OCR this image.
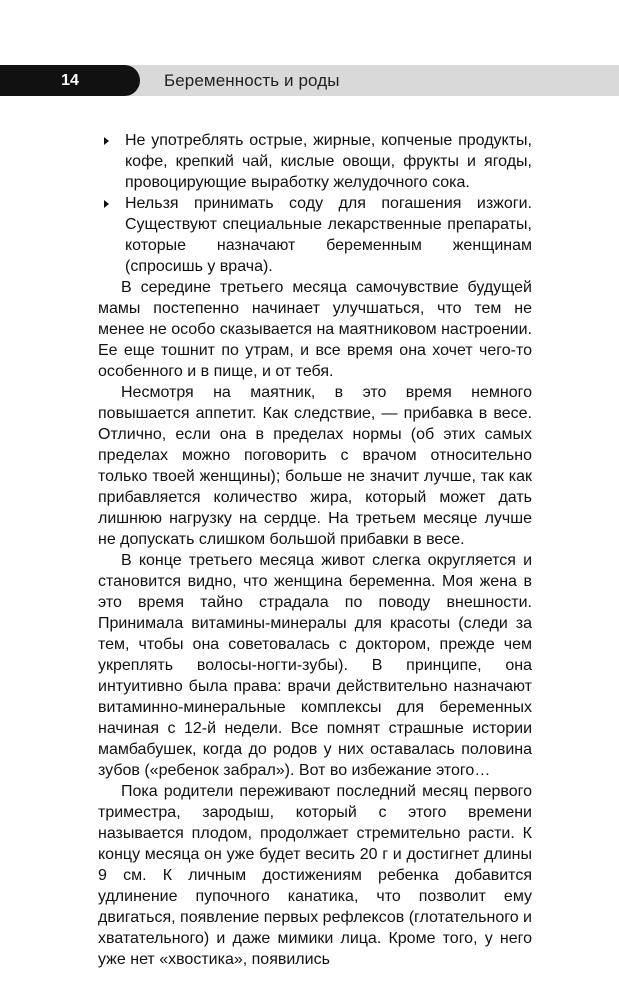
14	Беременность и роды
Не употреблять острые, жирные, копченые продукты, кофе, крепкий чай, кислые овощи, фрукты и ягоды, провоцирующие выработку желудочного сока.
Нельзя принимать соду для погашения изжоги. Существуют специальные лекарственные препараты, которые назначают беременным женщинам (спросишь у врача).

В середине третьего месяца самочувствие будущей мамы постепенно начинает улучшаться, что тем не менее не особо сказывается на маятниковом настроении. Ее еще тошнит по утрам, и все время она хочет чего-то особенного и в пище, и от тебя.

Несмотря на маятник, в это время немного повышается аппетит. Как следствие, — прибавка в весе. Отлично, если она в пределах нормы (об этих самых пределах можно поговорить с врачом относительно только твоей женщины); больше не значит лучше, так как прибавляется количество жира, который может дать лишнюю нагрузку на сердце. На третьем месяце лучше не допускать слишком большой прибавки в весе.

В конце третьего месяца живот слегка округляется и становится видно, что женщина беременна. Моя жена в это время тайно страдала по поводу внешности. Принимала витамины-минералы для красоты (следи за тем, чтобы она советовалась с доктором, прежде чем укреплять волосы-ногти-зубы). В принципе, она интуитивно была права: врачи действительно назначают витаминно-минеральные комплексы для беременных начиная с 12-й недели. Все помнят страшные истории мамбабушек, когда до родов у них оставалась половина зубов («ребенок забрал»). Вот во избежание этого…

Пока родители переживают последний месяц первого триместра, зародыш, который с этого времени называется плодом, продолжает стремительно расти. К концу месяца он уже будет весить 20 г и достигнет длины 9 см. К личным достижениям ребенка добавится удлинение пупочного канатика, что позволит ему двигаться, появление первых рефлексов (глотательного и хватательного) и даже мимики лица. Кроме того, у него уже нет «хвостика», появились
